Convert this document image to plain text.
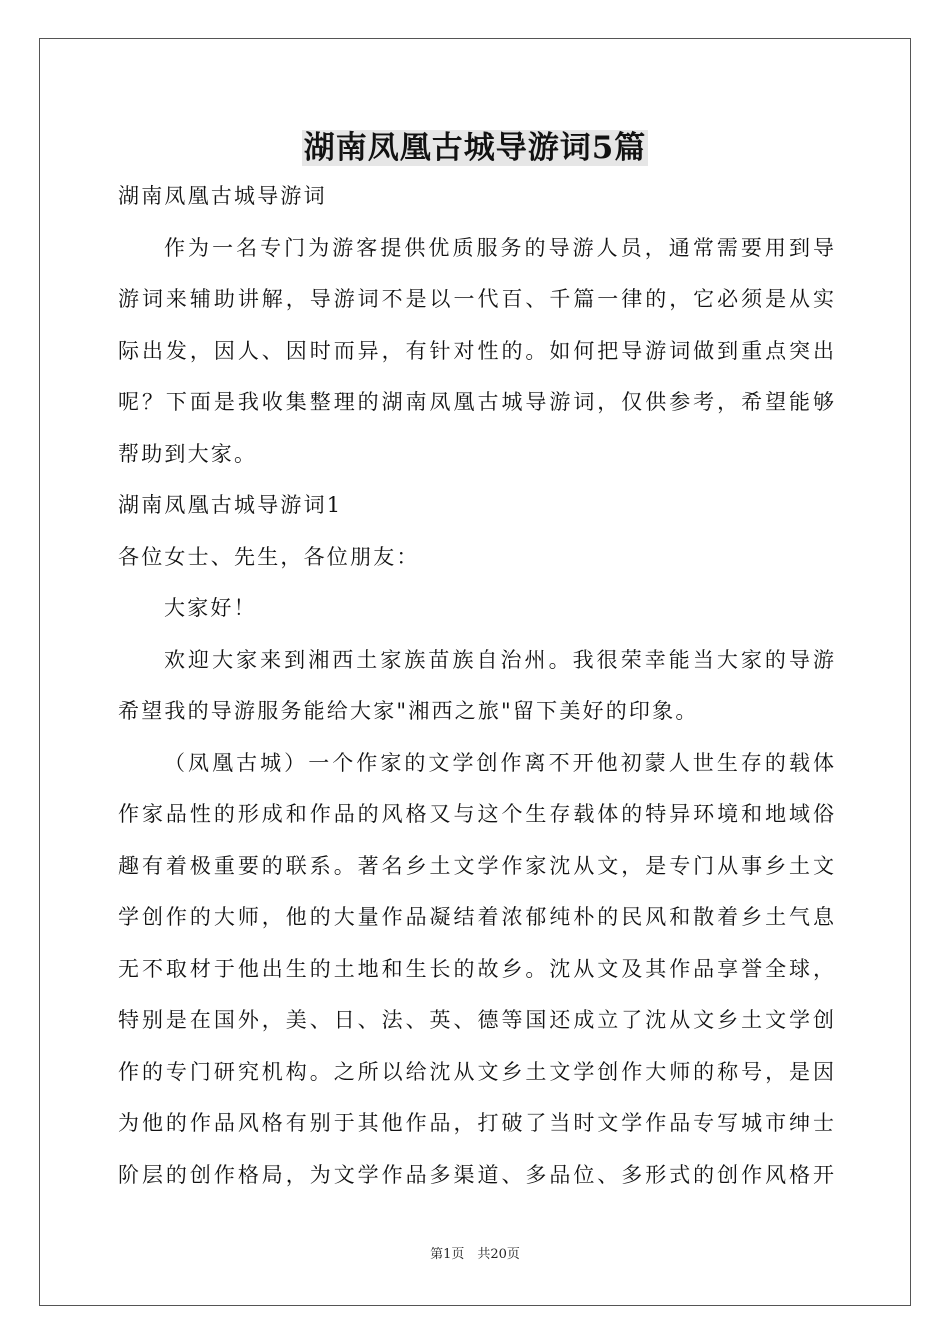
湖南凤凰古城导游词5篇
湖南凤凰古城导游词
作为一名专门为游客提供优质服务的导游人员，通常需要用到导
游词来辅助讲解，导游词不是以一代百、千篇一律的，它必须是从实
际出发，因人、因时而异，有针对性的。如何把导游词做到重点突出
呢？下面是我收集整理的湖南凤凰古城导游词，仅供参考，希望能够
帮助到大家。
湖南凤凰古城导游词1
各位女士、先生，各位朋友：
大家好！
欢迎大家来到湘西土家族苗族自治州。我很荣幸能当大家的导游
希望我的导游服务能给大家"湘西之旅"留下美好的印象。
（凤凰古城）一个作家的文学创作离不开他初蒙人世生存的载体
作家品性的形成和作品的风格又与这个生存载体的特异环境和地域俗
趣有着极重要的联系。著名乡土文学作家沈从文，是专门从事乡土文
学创作的大师，他的大量作品凝结着浓郁纯朴的民风和散着乡土气息
无不取材于他出生的土地和生长的故乡。沈从文及其作品享誉全球，
特别是在国外，美、日、法、英、德等国还成立了沈从文乡土文学创
作的专门研究机构。之所以给沈从文乡土文学创作大师的称号，是因
为他的作品风格有别于其他作品，打破了当时文学作品专写城市绅士
阶层的创作格局，为文学作品多渠道、多品位、多形式的创作风格开
第1页　共20页
